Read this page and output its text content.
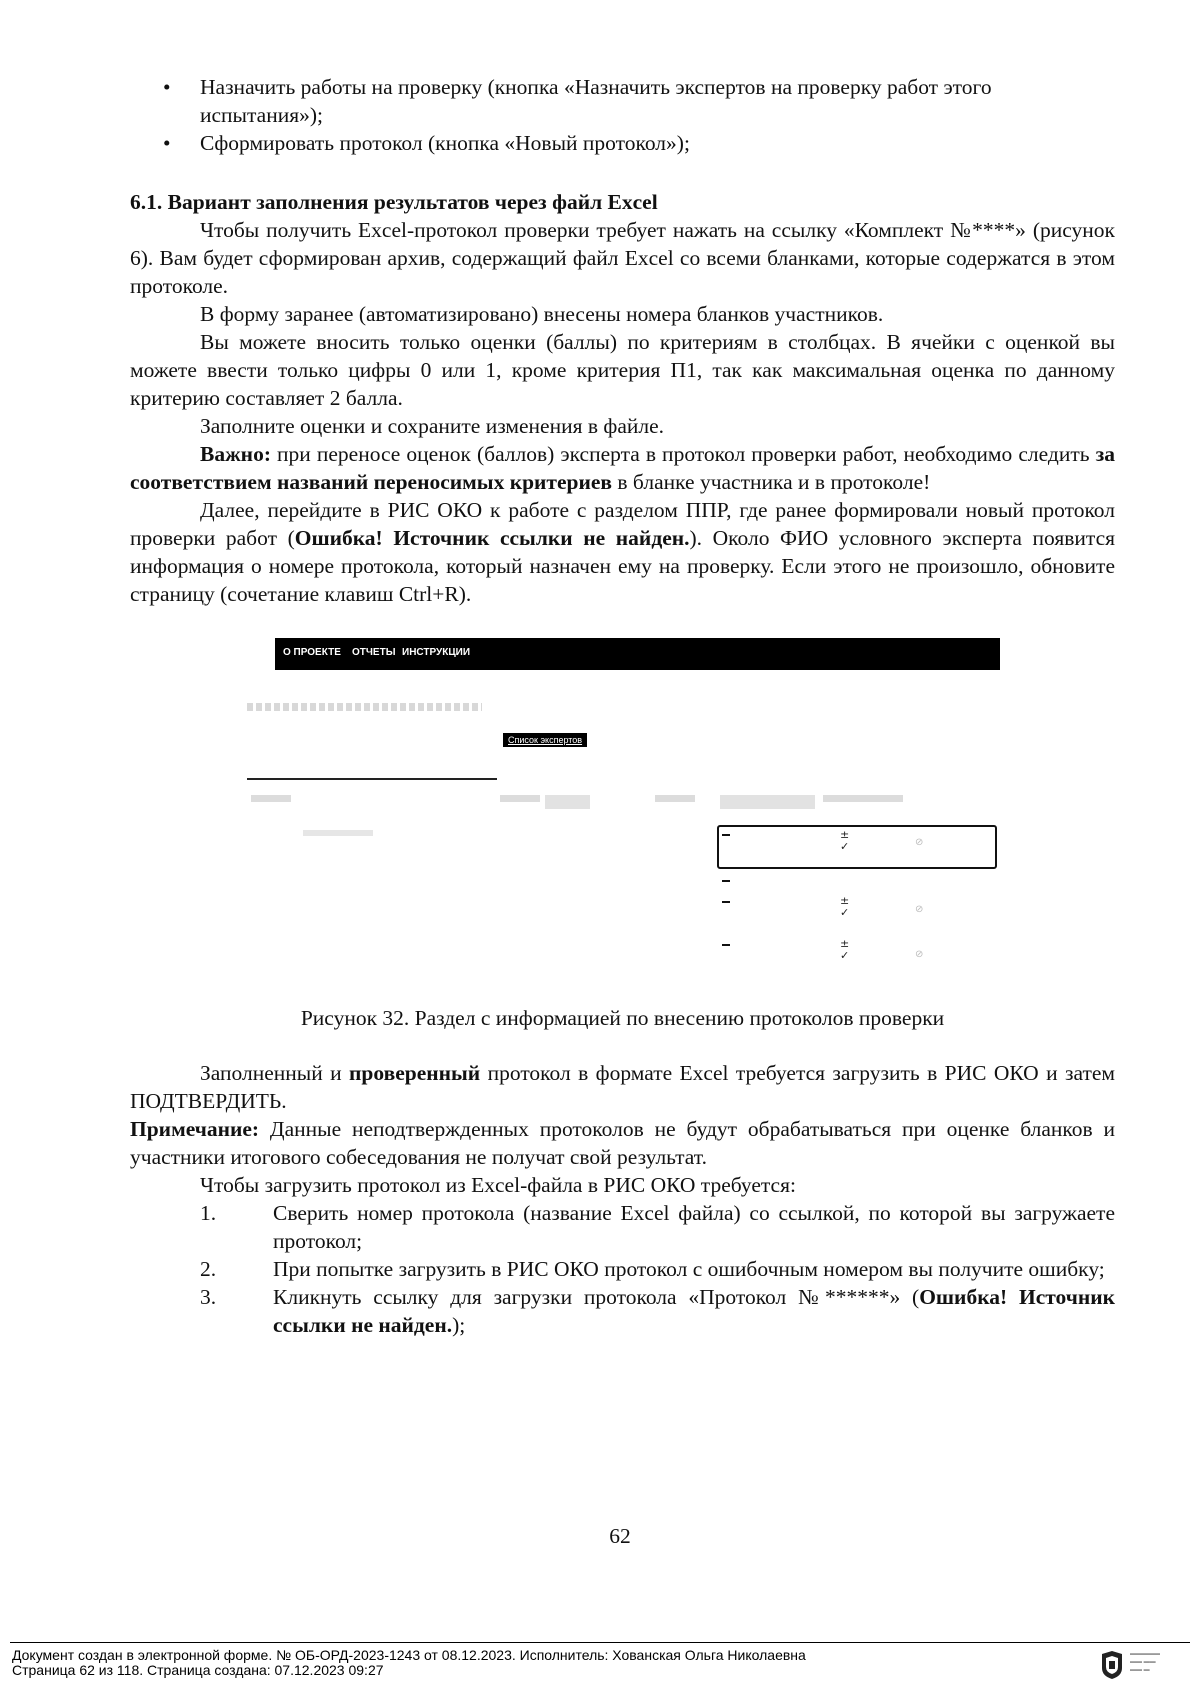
• Назначить работы на проверку (кнопка «Назначить экспертов на проверку работ этого испытания»);
• Сформировать протокол (кнопка «Новый протокол»);

6.1. Вариант заполнения результатов через файл Excel

Чтобы получить Excel-протокол проверки требует нажать на ссылку «Комплект №****» (рисунок 6). Вам будет сформирован архив, содержащий файл Excel со всеми бланками, которые содержатся в этом протоколе.

В форму заранее (автоматизировано) внесены номера бланков участников.

Вы можете вносить только оценки (баллы) по критериям в столбцах. В ячейки с оценкой вы можете ввести только цифры 0 или 1, кроме критерия П1, так как максимальная оценка по данному критерию составляет 2 балла.

Заполните оценки и сохраните изменения в файле.

Важно: при переносе оценок (баллов) эксперта в протокол проверки работ, необходимо следить за соответствием названий переносимых критериев в бланке участника и в протоколе!

Далее, перейдите в РИС ОКО к работе с разделом ППР, где ранее формировали новый протокол проверки работ (Ошибка! Источник ссылки не найден.). Около ФИО условного эксперта появится информация о номере протокола, который назначен ему на проверку. Если этого не произошло, обновите страницу (сочетание клавиш Ctrl+R).

О ПРОЕКТЕ ОТЧЕТЫ ИНСТРУКЦИИ
Список экспертов
±
✓	⊘
±
✓	⊘
±
✓	⊘
Рисунок 32. Раздел с информацией по внесению протоколов проверки

Заполненный и проверенный протокол в формате Excel требуется загрузить в РИС ОКО и затем ПОДТВЕРДИТЬ.

Примечание: Данные неподтвержденных протоколов не будут обрабатываться при оценке бланков и участники итогового собеседования не получат свой результат.

Чтобы загрузить протокол из Excel-файла в РИС ОКО требуется:

1.	Сверить номер протокола (название Excel файла) со ссылкой, по которой вы загружаете протокол;
2.	При попытке загрузить в РИС ОКО протокол с ошибочным номером вы получите ошибку;
3.	Кликнуть ссылку для загрузки протокола «Протокол №******» (Ошибка! Источник ссылки не найден.);
62
Документ создан в электронной форме. № ОБ-ОРД-2023-1243 от 08.12.2023. Исполнитель: Хованская Ольга Николаевна
Страница 62 из 118. Страница создана: 07.12.2023 09:27
▬▬▬▬▬
▬▬ ▬▬
▬▬ ▬
